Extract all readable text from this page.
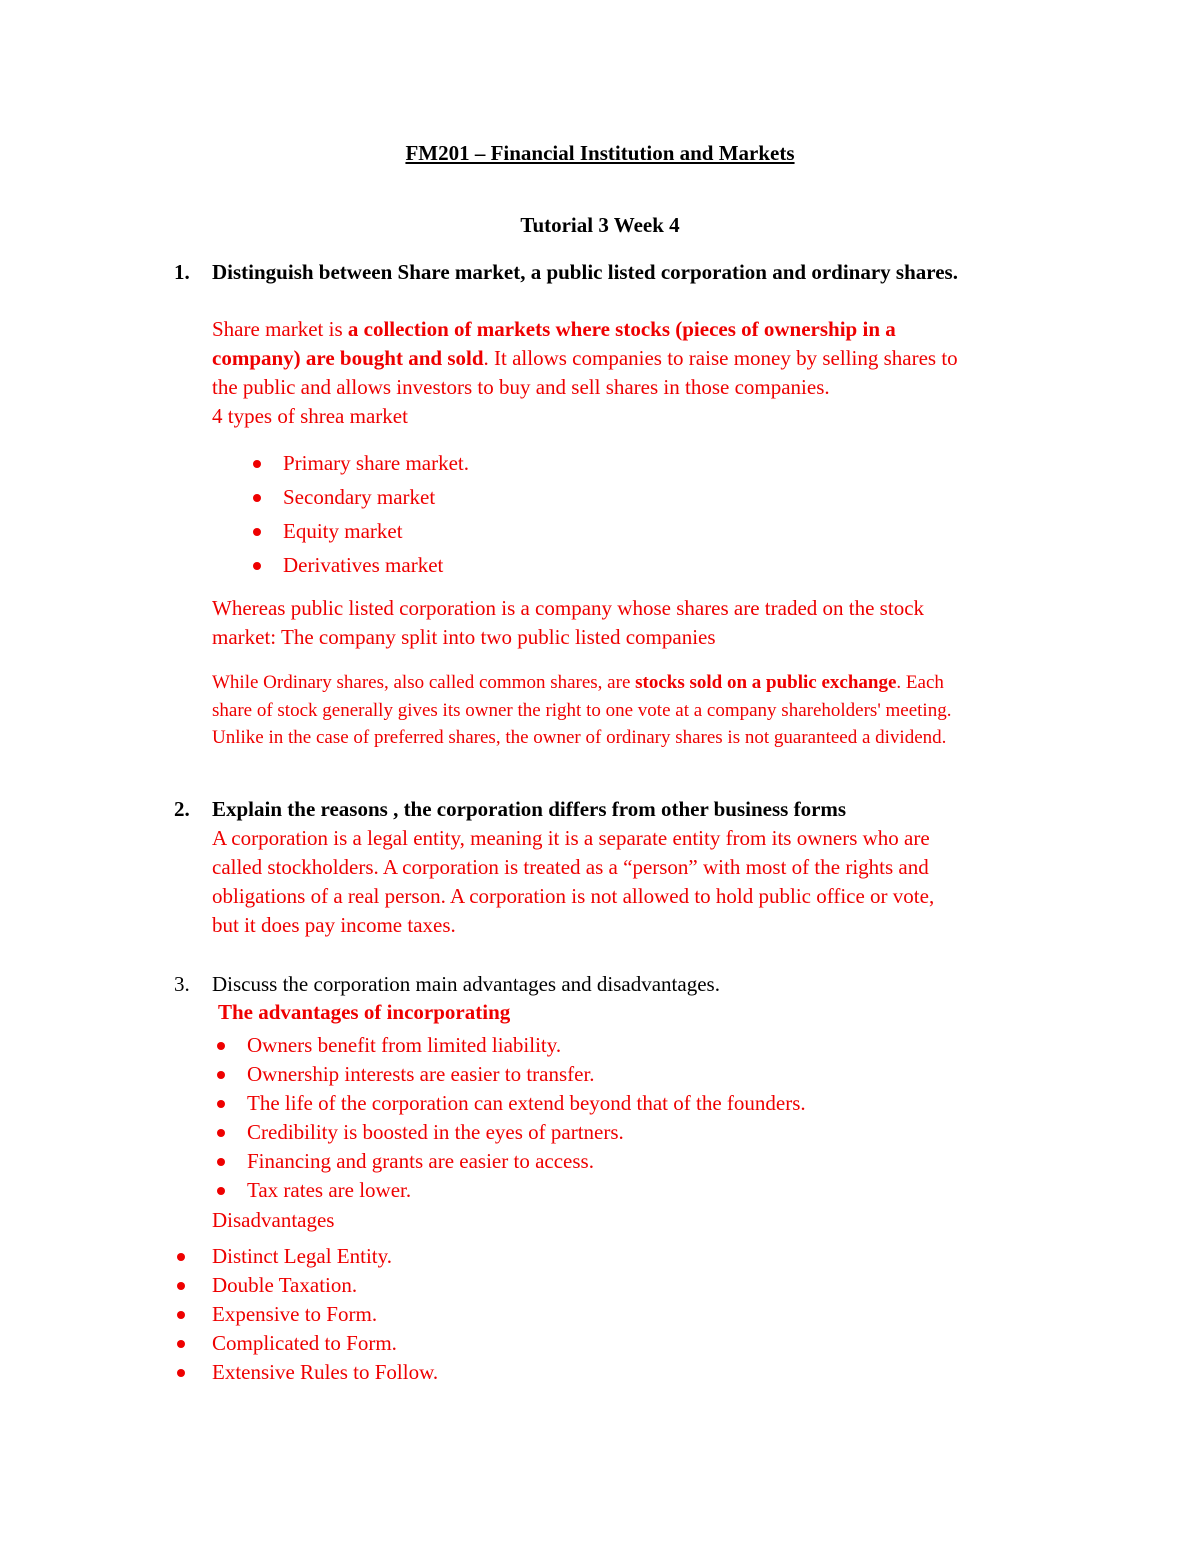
FM201 – Financial Institution and Markets
Tutorial 3 Week 4
1. Distinguish between Share market, a public listed corporation and ordinary shares.
Share market is a collection of markets where stocks (pieces of ownership in a
company) are bought and sold. It allows companies to raise money by selling shares to
the public and allows investors to buy and sell shares in those companies.
4 types of shrea market
Primary share market.
Secondary market
Equity market
Derivatives market
Whereas public listed corporation is a company whose shares are traded on the stock
market: The company split into two public listed companies
While Ordinary shares, also called common shares, are stocks sold on a public exchange. Each
share of stock generally gives its owner the right to one vote at a company shareholders' meeting.
Unlike in the case of preferred shares, the owner of ordinary shares is not guaranteed a dividend.
2. Explain the reasons , the corporation differs from other business forms
A corporation is a legal entity, meaning it is a separate entity from its owners who are
called stockholders. A corporation is treated as a “person” with most of the rights and
obligations of a real person. A corporation is not allowed to hold public office or vote,
but it does pay income taxes.
3. Discuss the corporation main advantages and disadvantages.
The advantages of incorporating
Owners benefit from limited liability.
Ownership interests are easier to transfer.
The life of the corporation can extend beyond that of the founders.
Credibility is boosted in the eyes of partners.
Financing and grants are easier to access.
Tax rates are lower.
Disadvantages
Distinct Legal Entity.
Double Taxation.
Expensive to Form.
Complicated to Form.
Extensive Rules to Follow.
